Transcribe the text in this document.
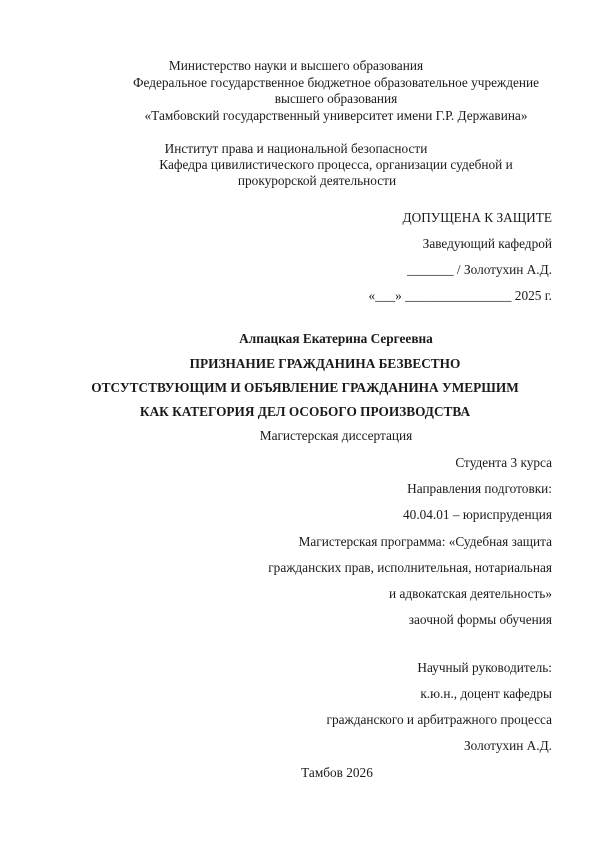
Министерство науки и высшего образования
Федеральное государственное бюджетное образовательное учреждение
высшего образования
«Тамбовский государственный университет имени Г.Р. Державина»
Институт права и национальной безопасности
Кафедра цивилистического процесса, организации судебной и
прокурорской деятельности
ДОПУЩЕНА К ЗАЩИТЕ
Заведующий кафедрой
_______ / Золотухин А.Д.
«___» ________________ 2025 г.
Алпацкая Екатерина Сергеевна
ПРИЗНАНИЕ ГРАЖДАНИНА БЕЗВЕСТНО
ОТСУТСТВУЮЩИМ И ОБЪЯВЛЕНИЕ ГРАЖДАНИНА УМЕРШИМ
КАК КАТЕГОРИЯ ДЕЛ ОСОБОГО ПРОИЗВОДСТВА
Магистерская диссертация
Студента 3 курса
Направления подготовки:
40.04.01 – юриспруденция
Магистерская программа: «Судебная защита
гражданских прав, исполнительная, нотариальная
и адвокатская деятельность»
заочной формы обучения
Научный руководитель:
к.ю.н., доцент кафедры
гражданского и арбитражного процесса
Золотухин А.Д.
Тамбов 2026
